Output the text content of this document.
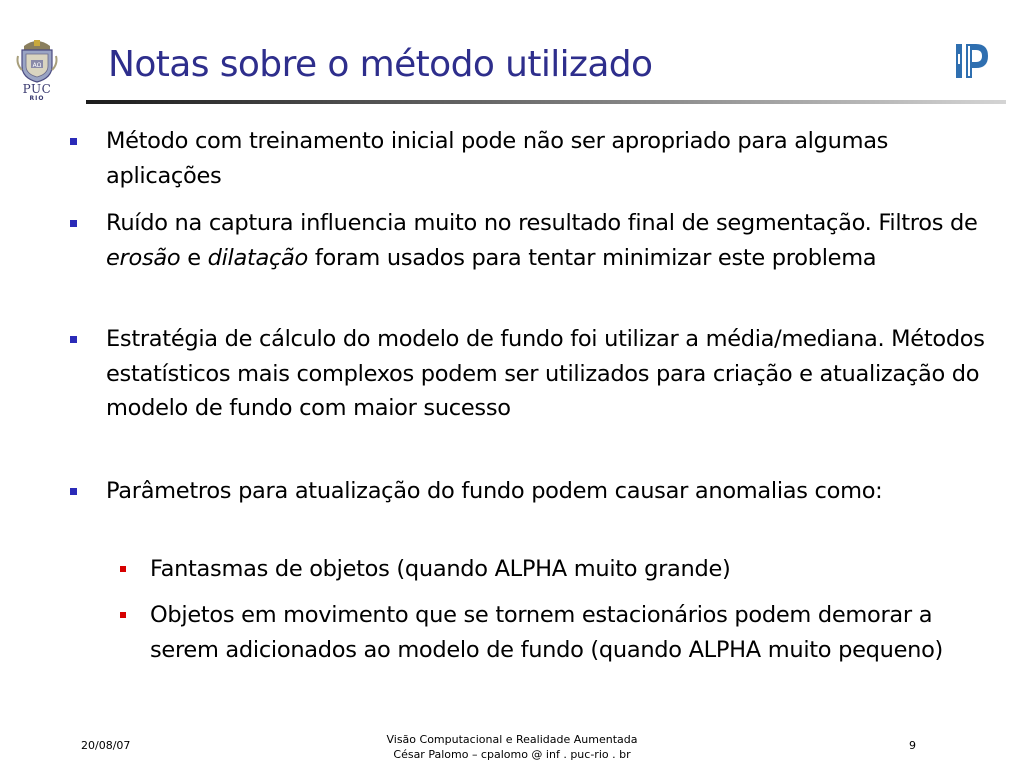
ΑΩ
PUC
RIO
Notas sobre o método utilizado

Método com treinamento inicial pode não ser apropriado para algumas aplicações

Ruído na captura influencia muito no resultado final de segmentação. Filtros de erosão e dilatação foram usados para tentar minimizar este problema

Estratégia de cálculo do modelo de fundo foi utilizar a média/mediana. Métodos estatísticos mais complexos podem ser utilizados para criação e atualização do modelo de fundo com maior sucesso

Parâmetros para atualização do fundo podem causar anomalias como:

Fantasmas de objetos (quando ALPHA muito grande)

Objetos em movimento que se tornem estacionários podem demorar a serem adicionados ao modelo de fundo (quando ALPHA muito pequeno)

20/08/07	Visão Computacional e Realidade Aumentada
César Palomo – cpalomo @ inf . puc-rio . br
9
